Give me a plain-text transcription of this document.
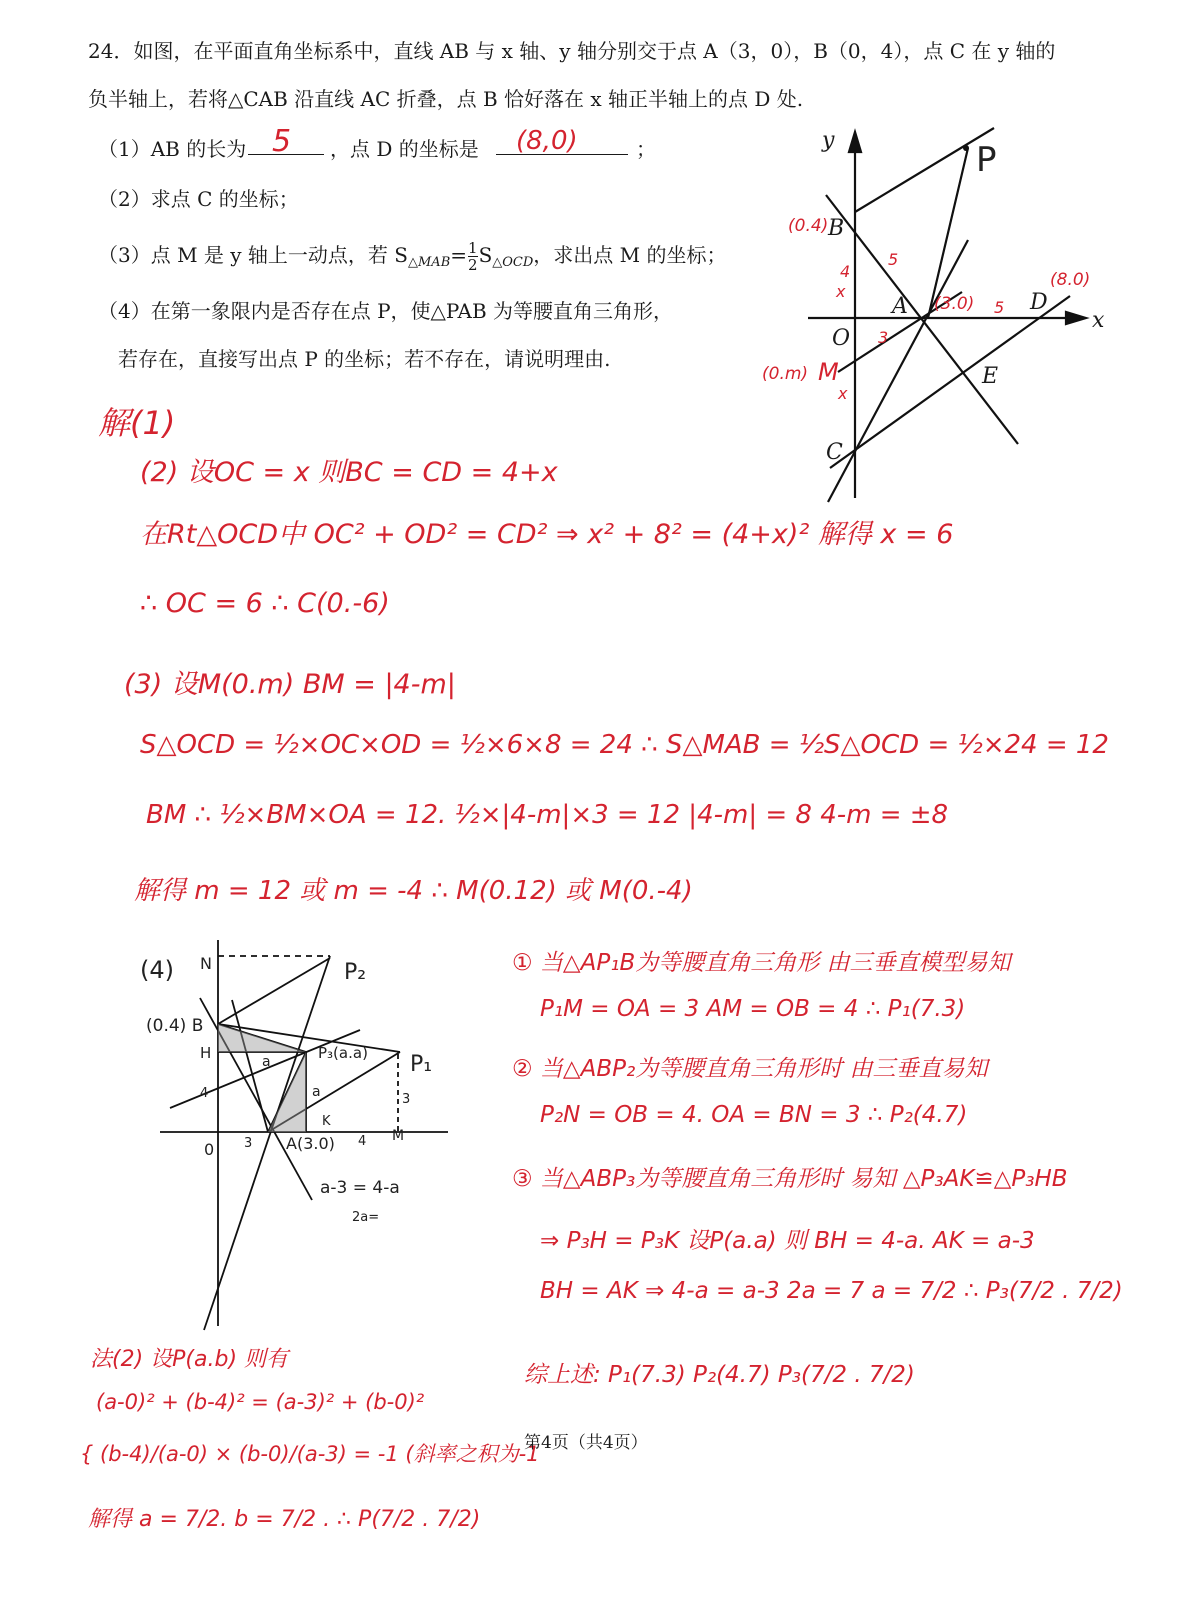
24．如图，在平面直角坐标系中，直线 AB 与 x 轴、y 轴分别交于点 A（3，0），B（0，4），点 C 在 y 轴的
负半轴上，若将△CAB 沿直线 AC 折叠，点 B 恰好落在 x 轴正半轴上的点 D 处.
（1）AB 的长为 5 ，点 D 的坐标是 (8,0)	；
（2）求点 C 的坐标；
（3）点 M 是 y 轴上一动点，若 $S_{\triangle MAB}= \frac{1}{2} S_{\triangle OCD}$，求出点 M 的坐标；
（4）在第一象限内是否存在点 P，使△PAB 为等腰直角三角形，
若存在，直接写出点 P 的坐标；若不存在，请说明理由.
y
x
O
B
A	D
C
E
P
(0.4)
(3.0)
(8.0)
M
(0.m)
5
5
4
3
x
x
解(1)
(2) 设OC = x 则BC = CD = 4+x
在Rt△OCD中 OC² + OD² = CD² ⇒ x² + 8² = (4+x)² 解得 x = 6
∴ OC = 6 ∴ C(0.-6)
(3) 设M(0.m) BM = |4-m|
S△OCD = ½×OC×OD = ½×6×8 = 24 ∴ S△MAB = ½S△OCD = ½×24 = 12
BM ∴ ½×BM×OA = 12. ½×|4-m|×3 = 12 |4-m| = 8 4-m = ±8
解得 m = 12 或 m = -4 ∴ M(0.12) 或 M(0.-4)
(4) N
(0.4) B
H
0	A(3.0)
P₁
P₂
P₃(a.a)
K
M
4
3
3
4
a
a
a-3 = 4-a
2a=
① 当△AP₁B为等腰直角三角形 由三垂直模型易知
P₁M = OA = 3 AM = OB = 4 ∴ P₁(7.3)
② 当△ABP₂为等腰直角三角形时 由三垂直易知
P₂N = OB = 4. OA = BN = 3 ∴ P₂(4.7)
③ 当△ABP₃为等腰直角三角形时 易知 △P₃AK≌△P₃HB
⇒ P₃H = P₃K 设P(a.a) 则 BH = 4-a. AK = a-3
BH = AK ⇒ 4-a = a-3 2a = 7 a = 7/2 ∴ P₃(7/2 . 7/2)
综上述: P₁(7.3) P₂(4.7) P₃(7/2 . 7/2)
法(2) 设P(a.b) 则有
(a-0)² + (b-4)² = (a-3)² + (b-0)²
{ (b-4)/(a-0) × (b-0)/(a-3) = -1 (斜率之积为-1
解得 a = 7/2. b = 7/2 . ∴ P(7/2 . 7/2)
第4页（共4页）
